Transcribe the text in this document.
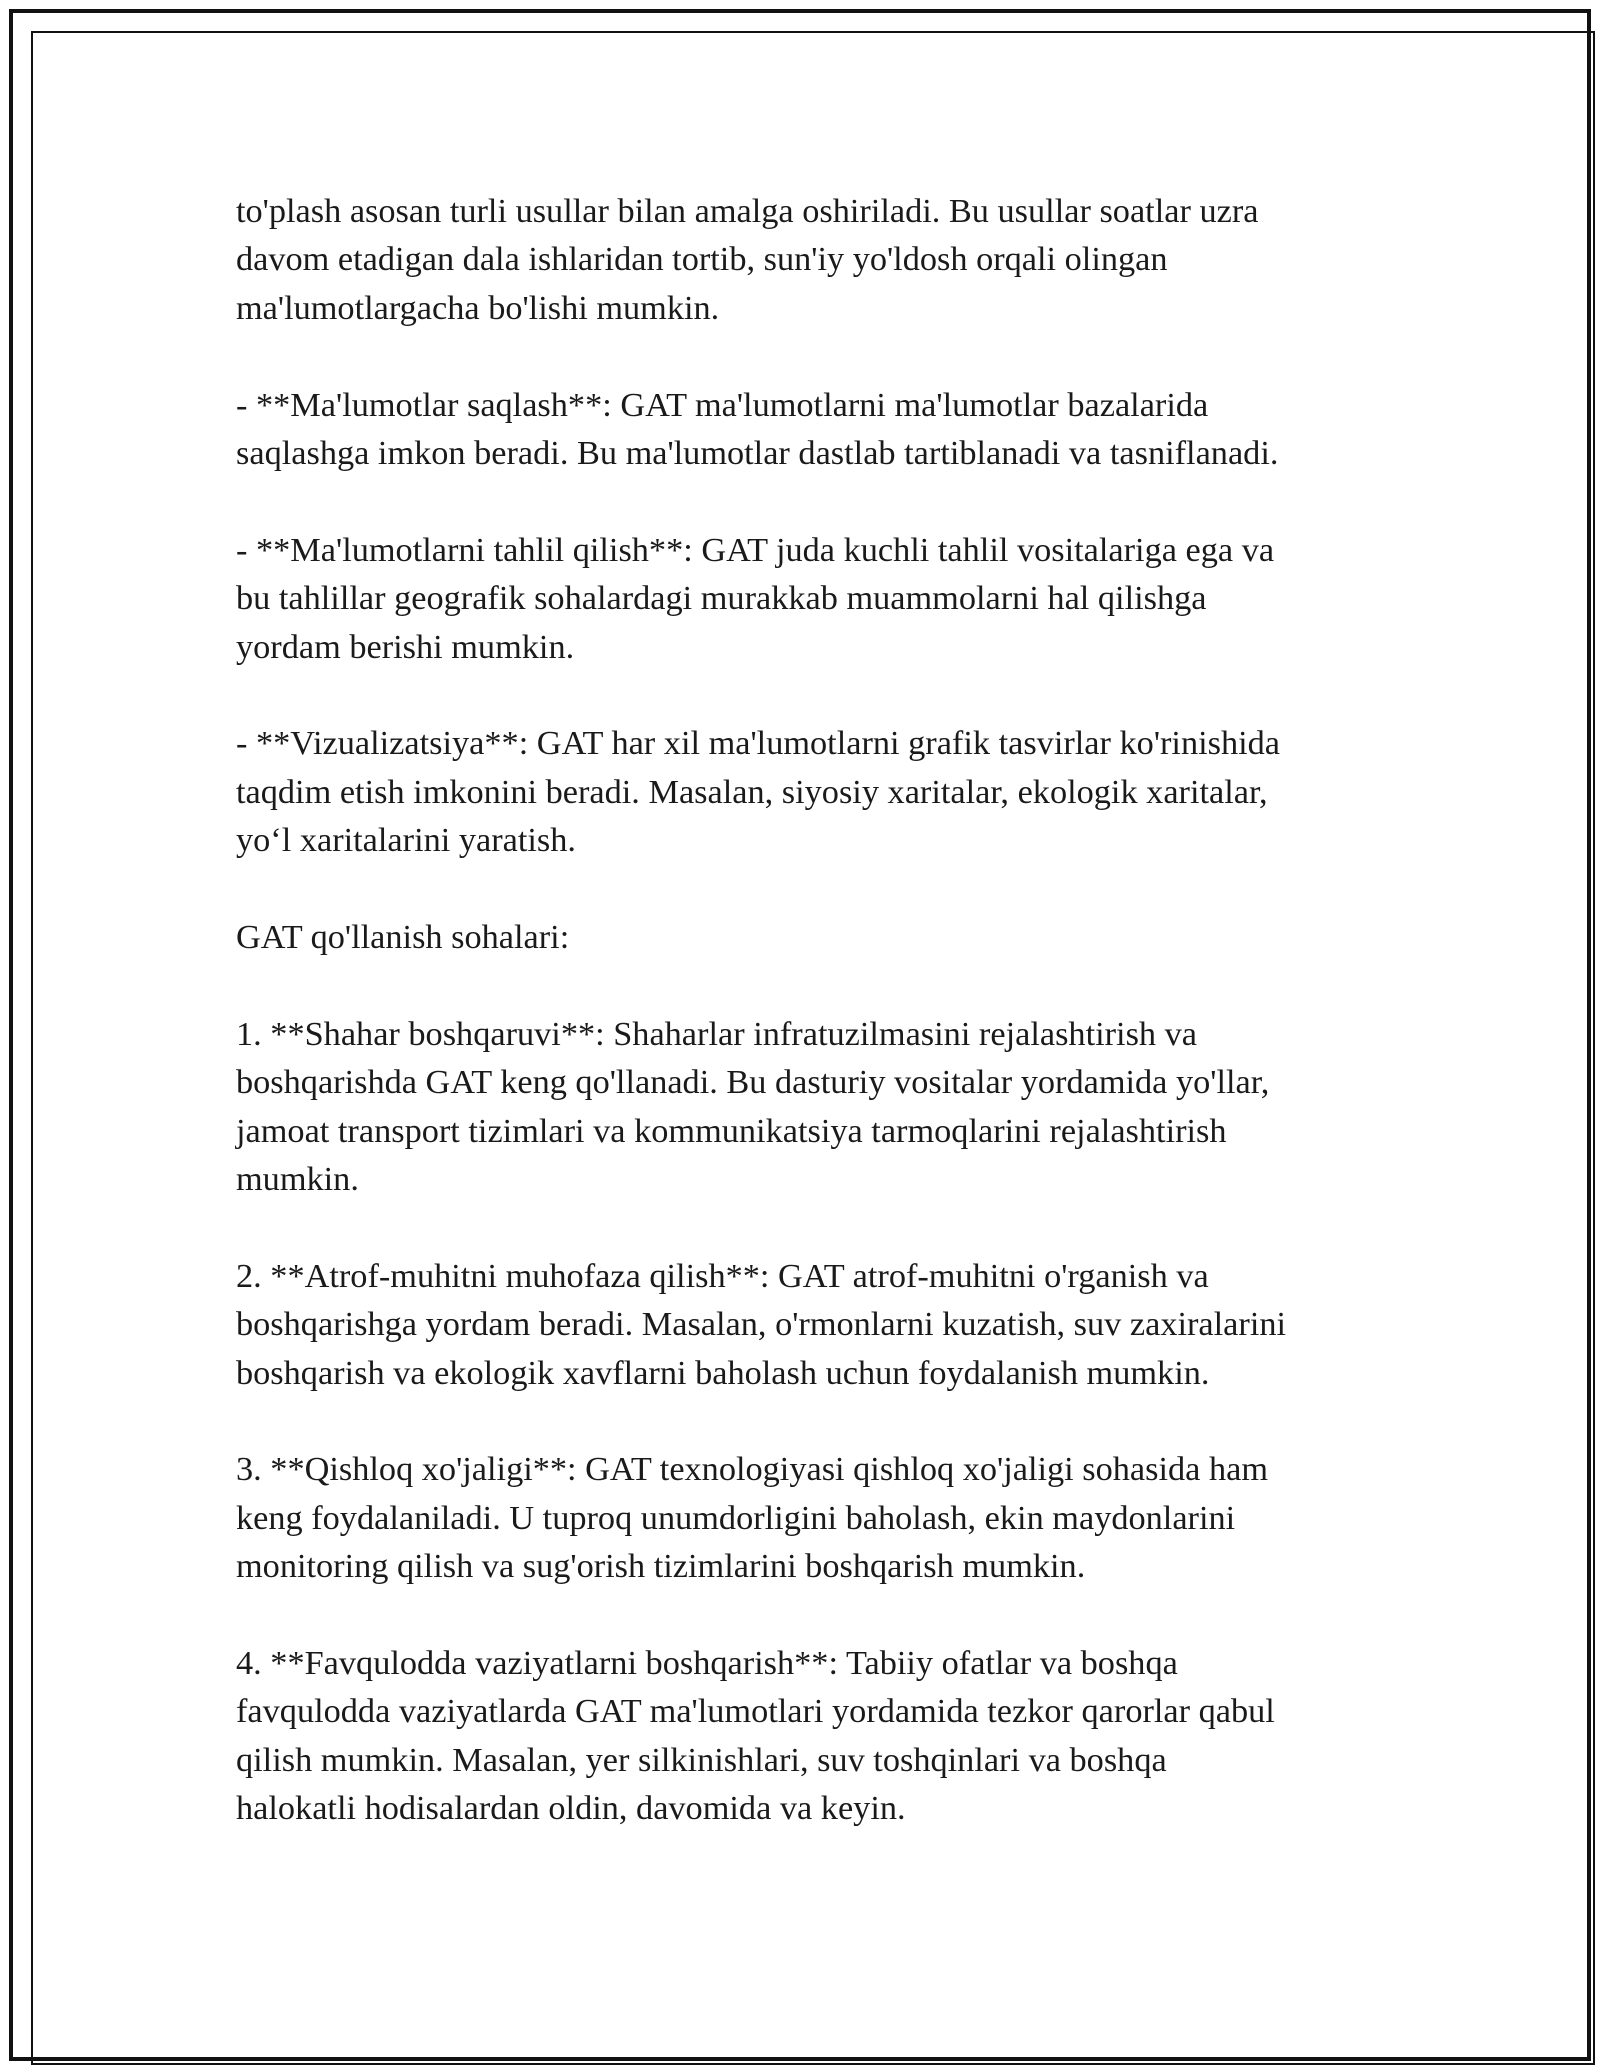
to'plash asosan turli usullar bilan amalga oshiriladi. Bu usullar soatlar uzra
davom etadigan dala ishlaridan tortib, sun'iy yo'ldosh orqali olingan
ma'lumotlargacha bo'lishi mumkin.

- **Ma'lumotlar saqlash**: GAT ma'lumotlarni ma'lumotlar bazalarida
saqlashga imkon beradi. Bu ma'lumotlar dastlab tartiblanadi va tasniflanadi.

- **Ma'lumotlarni tahlil qilish**: GAT juda kuchli tahlil vositalariga ega va
bu tahlillar geografik sohalardagi murakkab muammolarni hal qilishga
yordam berishi mumkin.

- **Vizualizatsiya**: GAT har xil ma'lumotlarni grafik tasvirlar ko'rinishida
taqdim etish imkonini beradi. Masalan, siyosiy xaritalar, ekologik xaritalar,
yo‘l xaritalarini yaratish.

GAT qo'llanish sohalari:

1. **Shahar boshqaruvi**: Shaharlar infratuzilmasini rejalashtirish va
boshqarishda GAT keng qo'llanadi. Bu dasturiy vositalar yordamida yo'llar,
jamoat transport tizimlari va kommunikatsiya tarmoqlarini rejalashtirish
mumkin.

2. **Atrof-muhitni muhofaza qilish**: GAT atrof-muhitni o'rganish va
boshqarishga yordam beradi. Masalan, o'rmonlarni kuzatish, suv zaxiralarini
boshqarish va ekologik xavflarni baholash uchun foydalanish mumkin.

3. **Qishloq xo'jaligi**: GAT texnologiyasi qishloq xo'jaligi sohasida ham
keng foydalaniladi. U tuproq unumdorligini baholash, ekin maydonlarini
monitoring qilish va sug'orish tizimlarini boshqarish mumkin.

4. **Favqulodda vaziyatlarni boshqarish**: Tabiiy ofatlar va boshqa
favqulodda vaziyatlarda GAT ma'lumotlari yordamida tezkor qarorlar qabul
qilish mumkin. Masalan, yer silkinishlari, suv toshqinlari va boshqa
halokatli hodisalardan oldin, davomida va keyin.
